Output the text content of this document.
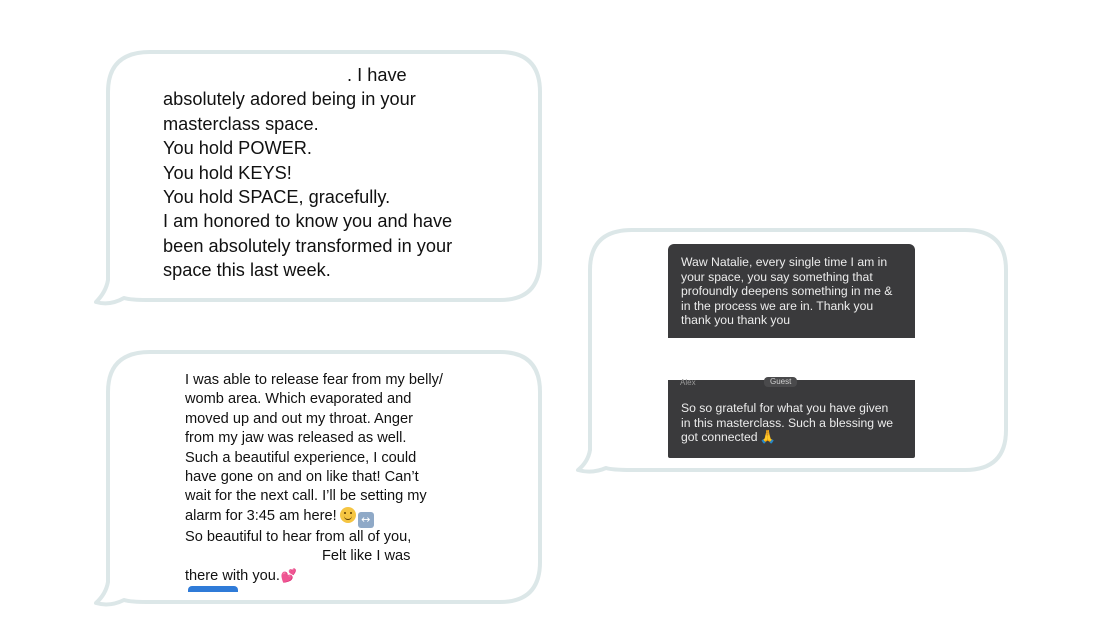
. I have
absolutely adored being in your
masterclass space.
You hold POWER.
You hold KEYS!
You hold SPACE, gracefully.
I am honored to know you and have
been absolutely transformed in your
space this last week.
I was able to release fear from my belly/
womb area. Which evaporated and
moved up and out my throat. Anger
from my jaw was released as well.
Such a beautiful experience, I could
have gone on and on like that! Can’t
wait for the next call. I’ll be setting my
alarm for 3:45 am here! ↔
So beautiful to hear from all of you,

Felt like I was
there with you.💕
Waw Natalie, every single time I am in
your space, you say something that
profoundly deepens something in me &
in the process we are in. Thank you
thank you thank you
Alex	Guest
So so grateful for what you have given
in this masterclass. Such a blessing we
got connected 🙏
